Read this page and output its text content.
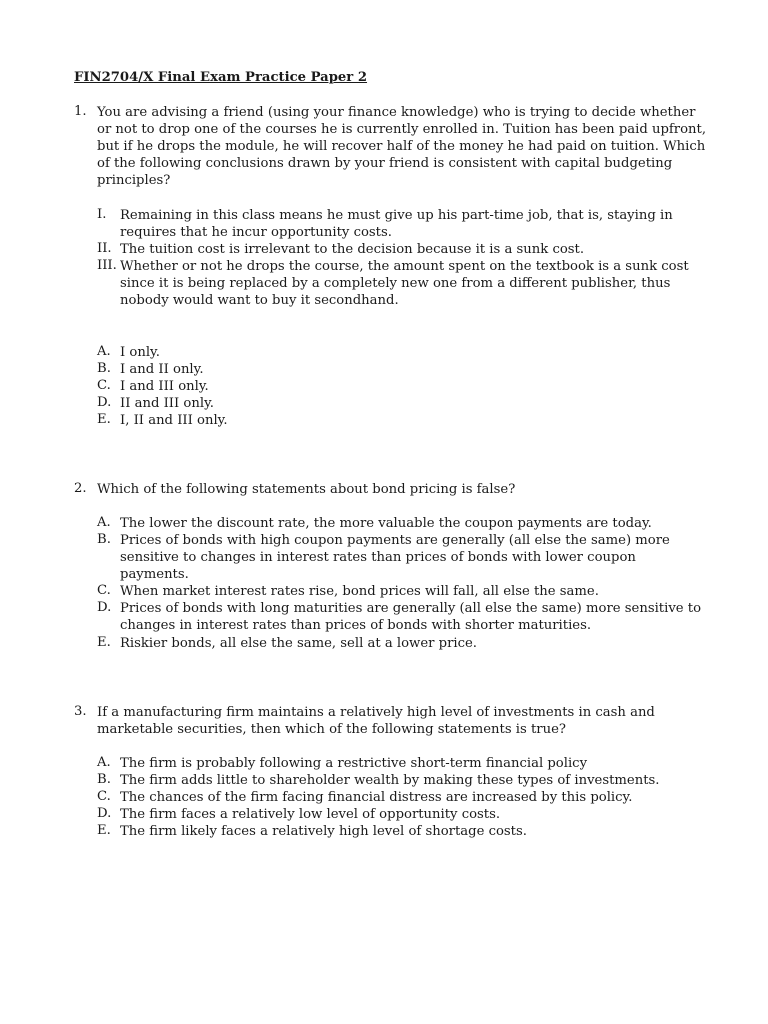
FIN2704/X Final Exam Practice Paper 2
1. You are advising a friend (using your finance knowledge) who is trying to decide whether
or not to drop one of the courses he is currently enrolled in. Tuition has been paid upfront,
but if he drops the module, he will recover half of the money he had paid on tuition. Which
of the following conclusions drawn by your friend is consistent with capital budgeting
principles?
I. Remaining in this class means he must give up his part-time job, that is, staying in
requires that he incur opportunity costs.
II. The tuition cost is irrelevant to the decision because it is a sunk cost.
III. Whether or not he drops the course, the amount spent on the textbook is a sunk cost
since it is being replaced by a completely new one from a different publisher, thus
nobody would want to buy it secondhand.
A. I only.
B. I and II only.
C. I and III only.
D. II and III only.
E. I, II and III only.
2. Which of the following statements about bond pricing is false?
A. The lower the discount rate, the more valuable the coupon payments are today.
B. Prices of bonds with high coupon payments are generally (all else the same) more
sensitive to changes in interest rates than prices of bonds with lower coupon
payments.
C. When market interest rates rise, bond prices will fall, all else the same.
D. Prices of bonds with long maturities are generally (all else the same) more sensitive to
changes in interest rates than prices of bonds with shorter maturities.
E. Riskier bonds, all else the same, sell at a lower price.
3. If a manufacturing firm maintains a relatively high level of investments in cash and
marketable securities, then which of the following statements is true?
A. The firm is probably following a restrictive short-term financial policy
B. The firm adds little to shareholder wealth by making these types of investments.
C. The chances of the firm facing financial distress are increased by this policy.
D. The firm faces a relatively low level of opportunity costs.
E. The firm likely faces a relatively high level of shortage costs.
